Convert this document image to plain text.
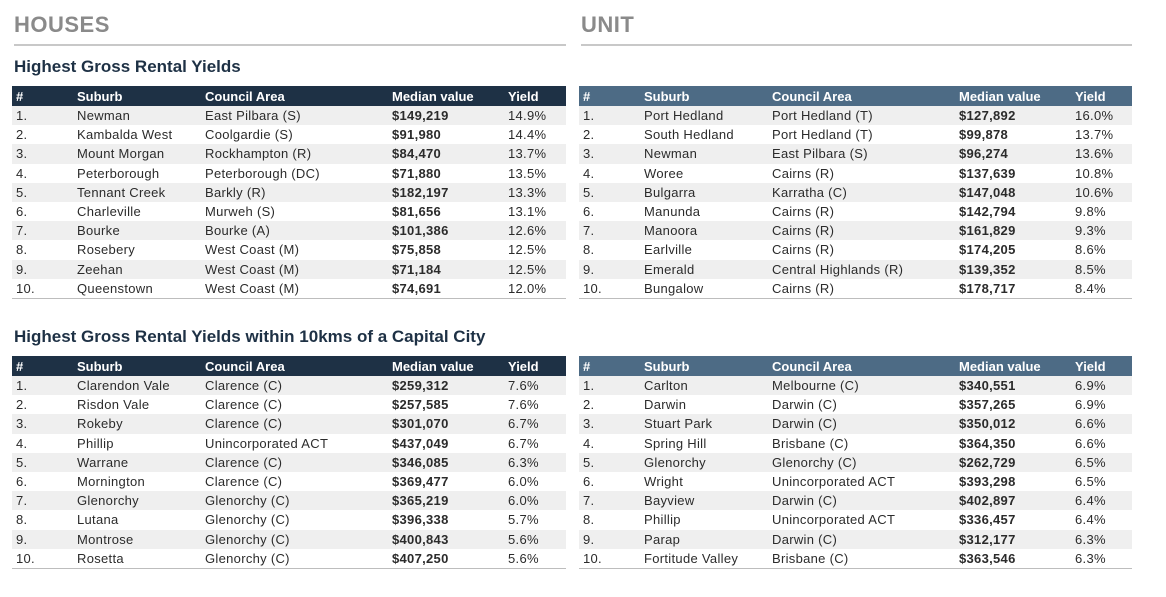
HOUSES	UNIT
Highest Gross Rental Yields
#	Suburb	Council Area	Median value	Yield
1.	Newman	East Pilbara (S)	$149,219	14.9%
2.	Kambalda West	Coolgardie (S)	$91,980	14.4%
3.	Mount Morgan	Rockhampton (R)	$84,470	13.7%
4.	Peterborough	Peterborough (DC)	$71,880	13.5%
5.	Tennant Creek	Barkly (R)	$182,197	13.3%
6.	Charleville	Murweh (S)	$81,656	13.1%
7.	Bourke	Bourke (A)	$101,386	12.6%
8.	Rosebery	West Coast (M)	$75,858	12.5%
9.	Zeehan	West Coast (M)	$71,184	12.5%
10.	Queenstown	West Coast (M)	$74,691	12.0%
#	Suburb	Council Area	Median value	Yield
1.	Port Hedland	Port Hedland (T)	$127,892	16.0%
2.	South Hedland	Port Hedland (T)	$99,878	13.7%
3.	Newman	East Pilbara (S)	$96,274	13.6%
4.	Woree	Cairns (R)	$137,639	10.8%
5.	Bulgarra	Karratha (C)	$147,048	10.6%
6.	Manunda	Cairns (R)	$142,794	9.8%
7.	Manoora	Cairns (R)	$161,829	9.3%
8.	Earlville	Cairns (R)	$174,205	8.6%
9.	Emerald	Central Highlands (R)	$139,352	8.5%
10.	Bungalow	Cairns (R)	$178,717	8.4%
Highest Gross Rental Yields within 10kms of a Capital City
#	Suburb	Council Area	Median value	Yield
1.	Clarendon Vale	Clarence (C)	$259,312	7.6%
2.	Risdon Vale	Clarence (C)	$257,585	7.6%
3.	Rokeby	Clarence (C)	$301,070	6.7%
4.	Phillip	Unincorporated ACT	$437,049	6.7%
5.	Warrane	Clarence (C)	$346,085	6.3%
6.	Mornington	Clarence (C)	$369,477	6.0%
7.	Glenorchy	Glenorchy (C)	$365,219	6.0%
8.	Lutana	Glenorchy (C)	$396,338	5.7%
9.	Montrose	Glenorchy (C)	$400,843	5.6%
10.	Rosetta	Glenorchy (C)	$407,250	5.6%
#	Suburb	Council Area	Median value	Yield
1.	Carlton	Melbourne (C)	$340,551	6.9%
2.	Darwin	Darwin (C)	$357,265	6.9%
3.	Stuart Park	Darwin (C)	$350,012	6.6%
4.	Spring Hill	Brisbane (C)	$364,350	6.6%
5.	Glenorchy	Glenorchy (C)	$262,729	6.5%
6.	Wright	Unincorporated ACT	$393,298	6.5%
7.	Bayview	Darwin (C)	$402,897	6.4%
8.	Phillip	Unincorporated ACT	$336,457	6.4%
9.	Parap	Darwin (C)	$312,177	6.3%
10.	Fortitude Valley	Brisbane (C)	$363,546	6.3%
